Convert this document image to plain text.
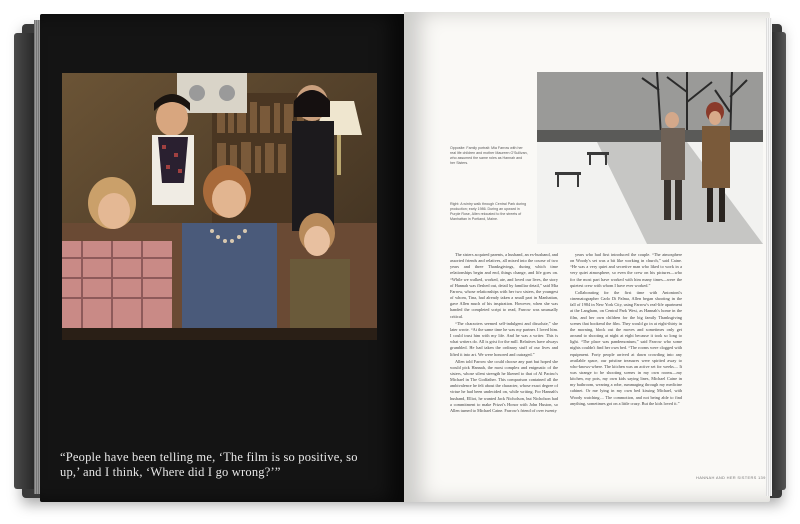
“People have been telling me, ‘The film is so positive, so up,’ and I think, ‘Where did I go wrong?’”
Opposite: Family portrait: Mia Farrow with her real life children and mother Maureen O'Sullivan, who assumed the same roles as Hannah and her Sisters.
Right: A wintry walk through Central Park during production; early 1986. During an upward in Purple Rose, Allen relocated to the streets of Manhattan in Portland, Maine.

The sisters acquired parents, a husband, an ex-husband, and assorted friends and relatives, all mixed into the course of two years and three Thanksgivings, during which time relationships begin and end, things change, and life goes on. “While we walked, worked, ate, and loved our lives, the story of Hannah was fleshed out, detail by familiar detail,” said Mia Farrow, whose relationships with her two sisters, the youngest of whom, Tina, had already taken a small part in Manhattan, gave Allen much of his inspiration. However, when she was handed the completed script to read, Farrow was unusually critical.

“The characters seemed self-indulgent and dissolute,” she later wrote. “At the same time he was my partner. I loved him. I could trust him with my life. And he was a writer. This is what writers do. All is grist for the mill. Relatives have always grumbled. He had taken the ordinary stuff of our lives and lifted it into art. We were honored and outraged.”

Allen told Farrow she could choose any part but hoped she would pick Hannah, the most complex and enigmatic of the sisters, whose silent strength he likened to that of Al Pacino's Michael in The Godfather. This comparison contained all the ambivalence he felt about the character, whose exact degree of virtue he had been undecided on, while writing. For Hannah's husband, Elliot, he wanted Jack Nicholson, but Nicholson had a commitment to make Prizzi's Honor with John Huston, so Allen turned to Michael Caine. Farrow's friend of over twenty

years who had first introduced the couple. “The atmosphere on Woody's set was a bit like working in church,” said Caine. “He was a very quiet and secretive man who liked to work in a very quiet atmosphere, so even the crew on his pictures—who for the most part have worked with him many times—were the quietest crew with whom I have ever worked.”

Collaborating for the first time with Antonioni's cinematographer Carlo Di Palma, Allen began shooting in the fall of 1984 in New York City, using Farrow's real-life apartment at the Langham, on Central Park West, as Hannah's home in the film, and her own children for the big family Thanksgiving scenes that bookend the film. They would go in at eight-thirty in the morning, block out the moves and sometimes only get around to shooting at night at eight because it took so long to light. “The place was pandemonium,” said Farrow who some nights couldn't find her own bed. “The rooms were clogged with equipment. Forty people arrived at dawn crowding into any available space, our pristine treasures were spirited away to who-knows-where. The kitchen was an active set for weeks.... It was strange to be shooting scenes in my own rooms—my kitchen, my pots, my own kids saying lines, Michael Caine in my bathroom, wearing a robe, rummaging through my medicine cabinet. Or me lying in my own bed kissing Michael, with Woody watching.... The commotion, and not being able to find anything, sometimes got on a little crazy. But the kids loved it.”

HANNAH AND HER SISTERS 139
